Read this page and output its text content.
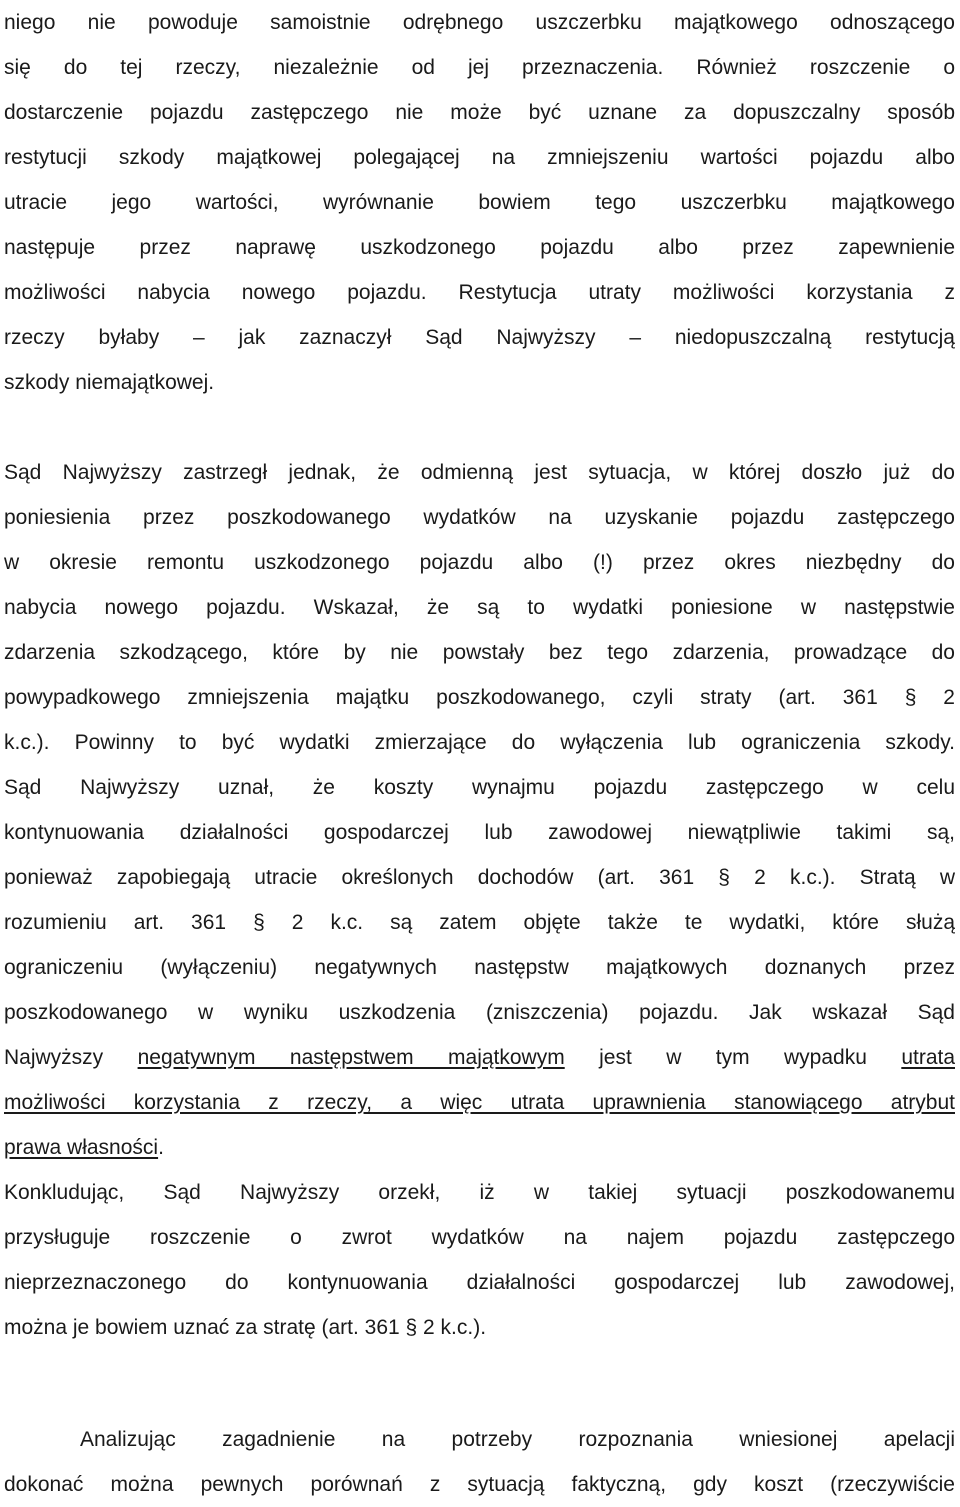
niego nie powoduje samoistnie odrębnego uszczerbku majątkowego odnoszącego
się do tej rzeczy, niezależnie od jej przeznaczenia. Również roszczenie o
dostarczenie pojazdu zastępczego nie może być uznane za dopuszczalny sposób
restytucji szkody majątkowej polegającej na zmniejszeniu wartości pojazdu albo
utracie jego wartości, wyrównanie bowiem tego uszczerbku majątkowego
następuje przez naprawę uszkodzonego pojazdu albo przez zapewnienie
możliwości nabycia nowego pojazdu. Restytucja utraty możliwości korzystania z
rzeczy byłaby – jak zaznaczył Sąd Najwyższy – niedopuszczalną restytucją
szkody niemajątkowej.
Sąd Najwyższy zastrzegł jednak, że odmienną jest sytuacja, w której doszło już do
poniesienia przez poszkodowanego wydatków na uzyskanie pojazdu zastępczego
w okresie remontu uszkodzonego pojazdu albo (!) przez okres niezbędny do
nabycia nowego pojazdu. Wskazał, że są to wydatki poniesione w następstwie
zdarzenia szkodzącego, które by nie powstały bez tego zdarzenia, prowadzące do
powypadkowego zmniejszenia majątku poszkodowanego, czyli straty (art. 361 § 2
k.c.). Powinny to być wydatki zmierzające do wyłączenia lub ograniczenia szkody.
Sąd Najwyższy uznał, że koszty wynajmu pojazdu zastępczego w celu
kontynuowania działalności gospodarczej lub zawodowej niewątpliwie takimi są,
ponieważ zapobiegają utracie określonych dochodów (art. 361 § 2 k.c.). Stratą w
rozumieniu art. 361 § 2 k.c. są zatem objęte także te wydatki, które służą
ograniczeniu (wyłączeniu) negatywnych następstw majątkowych doznanych przez
poszkodowanego w wyniku uszkodzenia (zniszczenia) pojazdu. Jak wskazał Sąd
Najwyższy negatywnym następstwem majątkowym jest w tym wypadku utrata
możliwości korzystania z rzeczy, a więc utrata uprawnienia stanowiącego atrybut
prawa własności.
Konkludując, Sąd Najwyższy orzekł, iż w takiej sytuacji poszkodowanemu
przysługuje roszczenie o zwrot wydatków na najem pojazdu zastępczego
nieprzeznaczonego do kontynuowania działalności gospodarczej lub zawodowej,
można je bowiem uznać za stratę (art. 361 § 2 k.c.).
Analizując zagadnienie na potrzeby rozpoznania wniesionej apelacji
dokonać można pewnych porównań z sytuacją faktyczną, gdy koszt (rzeczywiście
